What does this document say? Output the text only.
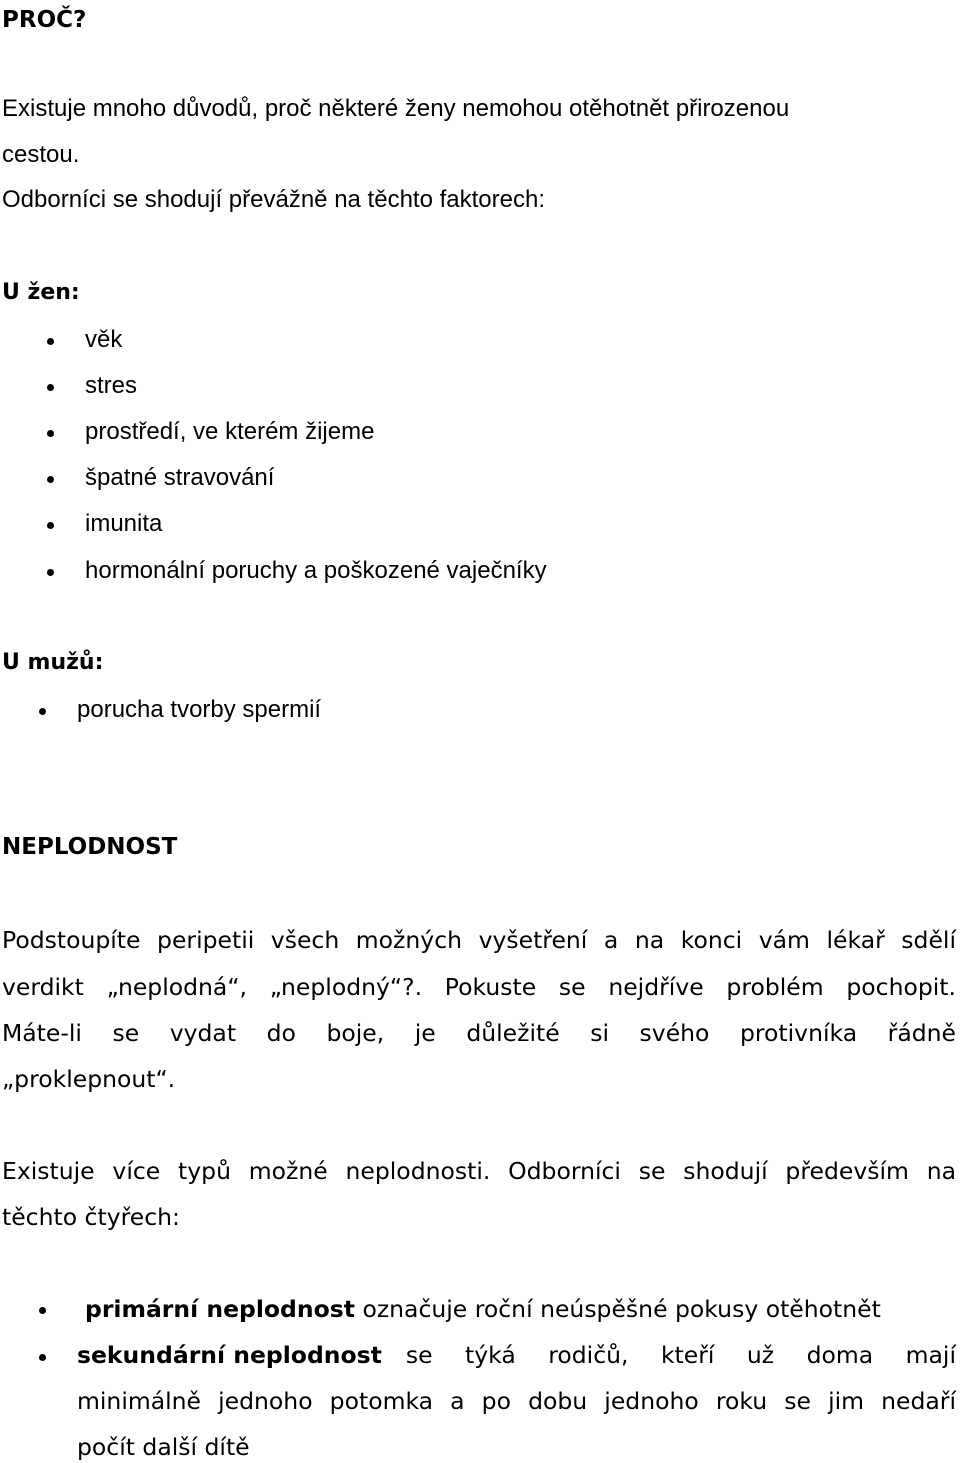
PROČ?
Existuje mnoho důvodů, proč některé ženy nemohou otěhotnět přirozenou
cestou.
Odborníci se shodují převážně na těchto faktorech:
U žen:
věk
stres
prostředí, ve kterém žijeme
špatné stravování
imunita
hormonální poruchy a poškozené vaječníky
U mužů:
porucha tvorby spermií
NEPLODNOST
Podstoupíte peripetii všech možných vyšetření a na konci vám lékař sdělí
verdikt „neplodná“, „neplodný“?. Pokuste se nejdříve problém pochopit.
Máte-li se vydat do boje, je důležité si svého protivníka řádně
„proklepnout“.
Existuje více typů možné neplodnosti. Odborníci se shodují především na
těchto čtyřech:
primární neplodnost označuje roční neúspěšné pokusy otěhotnět
sekundární neplodnost se týká rodičů, kteří už doma mají
minimálně jednoho potomka a po dobu jednoho roku se jim nedaří
počít další dítě
